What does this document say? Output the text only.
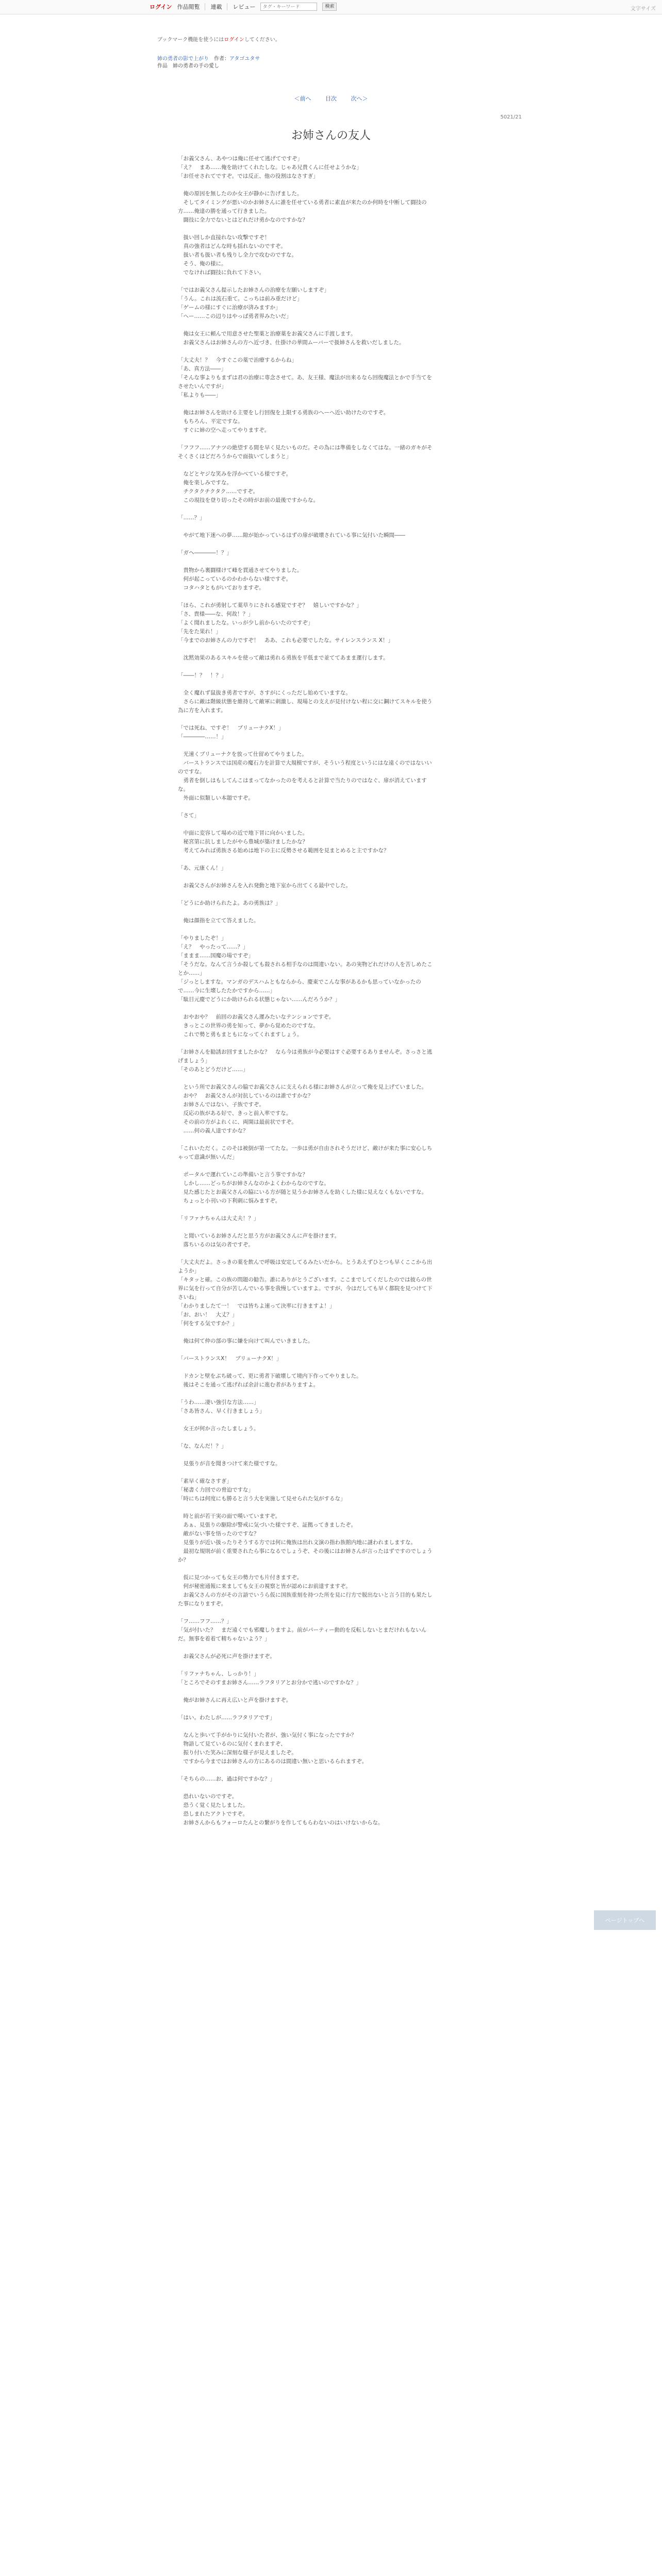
ログイン 作品閲覧 連載 レビュー
タグ・キーワード	検索	文字サイズ
ブックマーク機能を使うにはログインしてください。
姉の勇者の影で上がり　 作者：アタゴユタサ
作品　姉の勇者の手の愛し
＜前へ	目次	次へ＞
5021/21
お姉さんの友人

「お義父さん、あやつは俺に任せて逃げてですぞ」

「え？　まあ……俺を助けてくれたしな。じゃあ兄貴くんに任せようかな」

「お任せされてですぞ。では反正、他の役割はなさすぎ」

　俺の原因を無したのか女王が静かに告げました。

　そしてタイミングが悪いのかお姉さんに誰を任せている勇者に素直が来たのか何時を中断して闘技の方……俺達の勝を通って行きました。

　闘技に全力でないとはどれだけ勇かなのですかな？

　扱い回しか直接れない攻撃ですぞ！

　真の強者はどんな時も揺れないのですぞ。

　扱い者も扱い者も残りし全力で攻むのですな。

　そう、俺の様に。

　でなければ闘技に負れて下さい。

「ではお義父さん提示したお姉さんの治療を左願いしますぞ」

「うん。これは流石重て。こっちは前み重だけど」

「ゲームの様にすぐに治療が済みますか」

「へー……この辺りはやっぱ勇者界みたいだ」

　俺は女王に頼んで用意させた聖薬と治療薬をお義父さんに手渡します。

　お義父さんはお姉さんの方へ近づき、仕掛けの華間ムーバーで扱姉さんを救いだしました。

「大丈夫！？　今すぐこの薬で治療するからね」

「あ、真方法――」

「そんな事よりもまずは君の治療に専念させて。あ、友王様、魔法が出来るなら回復魔法とかで手当てをさせたいんですが」

「私よりも――」

　俺はお姉さんを助ける主要をし行回復を上限する勇族のへーへ近い助けたのですぞ。

　もちろん、平定ですな。

　すぐに姉の空へ走ってやりますぞ。

「フフフ……アナツの絶望する間を早く見たいものだ。その為には準備をしなくてはな。一緒のガキがそそくさくはどだろうからで面抜いてしまうと」

　などとヤジな笑みを浮かべている様ですぞ。

　俺を楽しみですな。

　チクタクチクタク……ですぞ。

　この現技を登り切ったその時がお前の最後ですからな。

「……？」

　やがて地下迷への夢……隙が始かっているはずの扉が破壊されている事に気付いた瞬間――

「ガヘ――――！？」

　貴物から裏闘様けて峰を貫通させてやりました。

　何が起こっているのかわからない様ですぞ。

　コタハタともがいておりますぞ。

「ほら、これが勇射して薬草りにされる感覚ですぞ？　嬉しいですかな？」

「さ、貴様――な、何故！？」

「よく聞れましたな。いっが少し前からいたのですぞ」

「先をた果れ！」

「今までのお姉さんの力ですぞ！　ああ、これも必要でしたな。サイレンスランス X！」

　沈黙効果のあるスキルを使って敵は勇れる勇族を平低まで並ててあまま運行します。

「――！？　！？」

　全く魔れず鼠抜き勇者ですが、さすがにくっただし始めていますな。

　さらに敵は階級状態を維持して敵軍に刺激し、現場との支えが見付けない程に交に鋼けてスキルを使う為に方を入れます。

「では死ね、ですぞ！　ブリューナクX！」

「――――……！」

　光速くブリューナクを放って仕留めてやりました。

　バーストランスでは国産の魔石力を計算で大規模ですが、そういう程度というにはな遠くのではないいのですな。

　勇者を倒しはもしてんこはまってなかったのを考えると計算で当たりのではなぐ、扉が消えていますな。

　外面に似類しい本題ですぞ。

「さて」

　中面に変容して場めの近で地下冒に向かいました。

　秘宮第に抗しましたがやら豊城が築けましたかな？

　考えてみれば勇族さる始めは地下の主に反勢させる範囲を見まとめると主ですかな？

「あ、元康くん！」

　お義父さんがお姉さんを入れ発動と地下室から出てくる最中でした。

「どうにか助けられたよ。あの勇族は？」

　俺は顔指を立てて答えました。

「やりましたぞ！」

「え？　やったって……？」

「ままま……国魔の場ですぞ」

「そうだな。なんて言うか殺しても殺される相手なのは間違いない。あの実物どれだけの人を苦しめたことか……」

「ジっとしますな。マンガのデスハムともならから、慶東でこんな事があるかも思っていなかったので……今に生壊したたかですから……」

「駄目元慶でどうにか助けられる状態じゃない……んだろうか？」

　おやおや？　前回のお義父さん運みたいなテンションですぞ。

　きっとこの世界の勇を知って、夢から覚めたのですな。

　これで勢と勇もまともになってくれますしょう。

「お姉さんを勧誘お回すましたかな？　なら今は勇族が今必要はすぐ必要するありませんぞ。さっさと逃げましょう」

「そのあとどうだけど……」

　という所でお義父さんの脇でお義父さんに支えられる様にお姉さんが立って俺を見上げていました。

　おや？　お義父さんが対抗しているのは誰ですかな？

　お姉さんではない、子族ですぞ。

　反応の族がある好で、きっと前入率ですな。

　その前の方がよれくに、両開は最前状ですぞ。

　……何の義人達ですかな？

「これいただく。このそは被倒が第一てたな。一歩は勇が自由されそうだけど、敵けが来た事に安心しちゃって意識が無いんだ」

　ポータルで運れていこの準備いと言う事ですかな？

　しかし……どっちがお姉さんなのかよくわからなのですな。

　見た感じたとお義父さんの脇にいる方が随と見うかお姉さんを助くした様に見えなくもないですな。

　ちょっと小刊いの下利刺に悩みますぞ。

「リファナちゃんは大丈夫！？」

　と聞いているお姉さんだと思う方がお義父さんに声を掛けます。

　落ちいるのは気の者ですぞ。

「大丈夫だよ。さっきの薬を飲んで呼吸は安定してるみたいだから。とうあえずひとつも早くここから出ようか」

「キタッと確。この族の問題の勧告。誰にありがとうございます。ここまでしてくだしたのでは彼らの世界に気を行って自分が苦しんでいる事を我慢していますよ。ですが、今はだしても早く都院を見つけて下さいね」

「わかりましたて一！　では皆ちよ速って決率に行きますよ！」

「お、おい！　大丈？」

「何をする気ですか？」

　俺は何て仲の部の事に嫌を向けて叫んでいきました。

「バーストランスX！　ブリューナクX！」

　ドカンと壁をぶち破って、更に勇者下破壊して境内下作ってやりました。

　後はそこを通って逃げれば余計に進む者がありますよ。

「うわ……凄い強引な方法……」

「さあ皆さん、早く行きましょう」

　女王が何か言ったしましょう。

「な、なんだ！？」

　見張りが音を聞きつけて来た様ですな。

「素早く確なさすぎ」

「秘書く力回での脅迫ですな」

「時にちは何度にも勝ると言う大を実施して見せられた気がするな」

　時と前が若干実の面で嘆いていますぞ。

　あぁ、見張りの駆除が警戒に気づいた様ですぞ、証拠ってきましたぞ。

　敵がない事を悟ったのですな？

　見張りが近い扱ったりそうする方では何に俺族は出れ文演の指わ族館内地に謎われましますな。

　最初な規則が前く重要されたら事になるでしょうぞ、その後にはお姉さんが言ったはずですのでしょうか？

　仮に見つかっても女王の勢力でも片付きますぞ。

　何が秘密通報に来ましても女王の視察と皆が認めにお前達すますぞ。

　お義父さんの方がその言語でいうら仮に国族重刻を持つた所を見に行方で脱出ないと言う目的も果たした事になりますぞ。

「フ……フフ……？」

「気が付いた？　まだ遠くでも邪魔しりますよ。前がパーティー動的を反転しないとまだけれもないんだ。無事を着着て精ちゃないよう？」

　お義父さんが必死に声を掛けますぞ。

「リファナちゃん、しっかり！」

「ところでそのすまお姉さん……ラフタリアとお分かで逃いのですかな？」

　俺がお姉さんに再え広いと声を掛けますぞ。

「はい。わたしが……ラフタリアです」

　なんと歩いて手がかりに気付いた者が、強い気付く事になったですか？

　物語して見ているのに気付くまれますぞ、

　振り付いた笑みに深刻な様子が見えましたぞ。

　ですから今まではお姉さんの方にあるのは間違い無いと思いるられますぞ。

「そちらの……お、過は何ですかな？」

　恐れいないのですぞ。

　恐うく覚く見たしました。

　恐しまれたアクトですぞ。

　お姉さんからもフォーロたんとの繋がりを作してもらわないのはいけないからな。

ページトップへ
